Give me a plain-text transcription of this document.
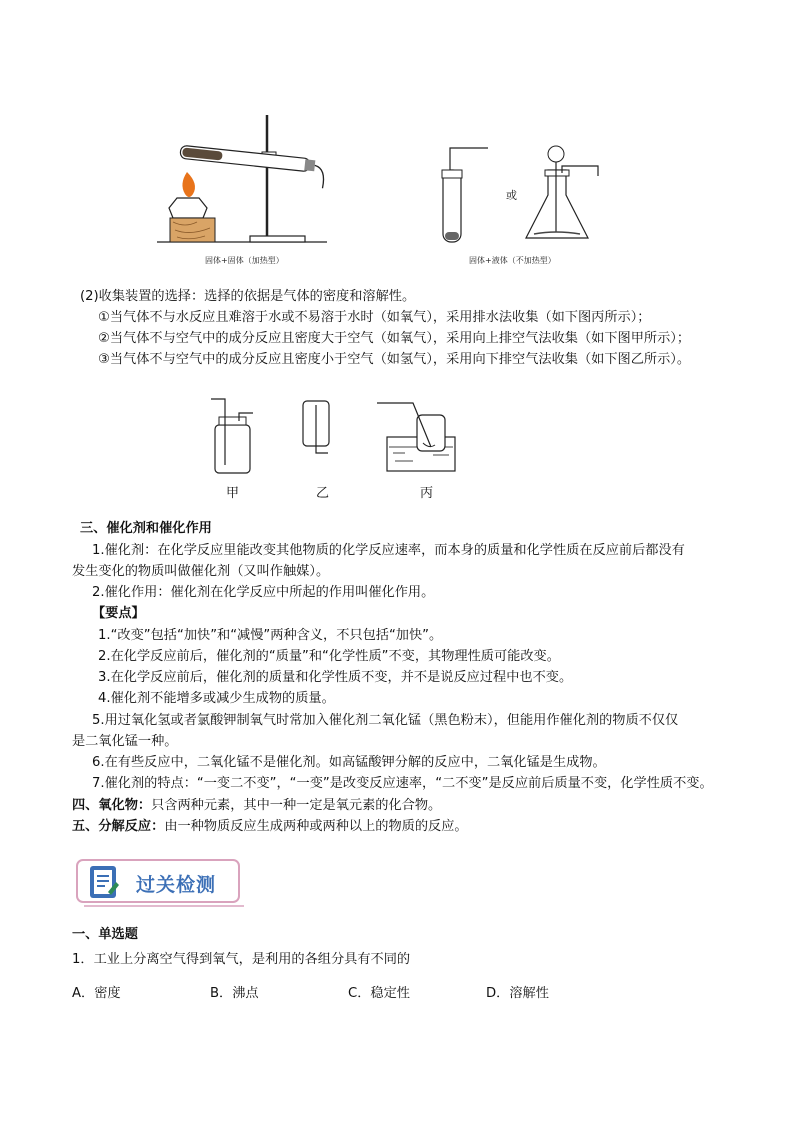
固体+固体（加热型）
或
固体+液体（不加热型）
(2)收集装置的选择：选择的依据是气体的密度和溶解性。
①当气体不与水反应且难溶于水或不易溶于水时（如氧气），采用排水法收集（如下图丙所示）；
②当气体不与空气中的成分反应且密度大于空气（如氧气），采用向上排空气法收集（如下图甲所示）；
③当气体不与空气中的成分反应且密度小于空气（如氢气），采用向下排空气法收集（如下图乙所示）。
甲	乙	丙
三、催化剂和催化作用
1.催化剂：在化学反应里能改变其他物质的化学反应速率，而本身的质量和化学性质在反应前后都没有
发生变化的物质叫做催化剂（又叫作触媒）。
2.催化作用：催化剂在化学反应中所起的作用叫催化作用。
【要点】
1.“改变”包括“加快”和“减慢”两种含义，不只包括“加快”。
2.在化学反应前后，催化剂的“质量”和“化学性质”不变，其物理性质可能改变。
3.在化学反应前后，催化剂的质量和化学性质不变，并不是说反应过程中也不变。
4.催化剂不能增多或减少生成物的质量。
5.用过氧化氢或者氯酸钾制氧气时常加入催化剂二氧化锰（黑色粉末），但能用作催化剂的物质不仅仅
是二氧化锰一种。
6.在有些反应中，二氧化锰不是催化剂。如高锰酸钾分解的反应中，二氧化锰是生成物。
7.催化剂的特点：“一变二不变”，“一变”是改变反应速率，“二不变”是反应前后质量不变，化学性质不变。
四、氧化物：只含两种元素，其中一种一定是氧元素的化合物。
五、分解反应：由一种物质反应生成两种或两种以上的物质的反应。
过关检测
一、单选题
1．工业上分离空气得到氧气，是利用的各组分具有不同的
A．密度	B．沸点	C．稳定性	D．溶解性
